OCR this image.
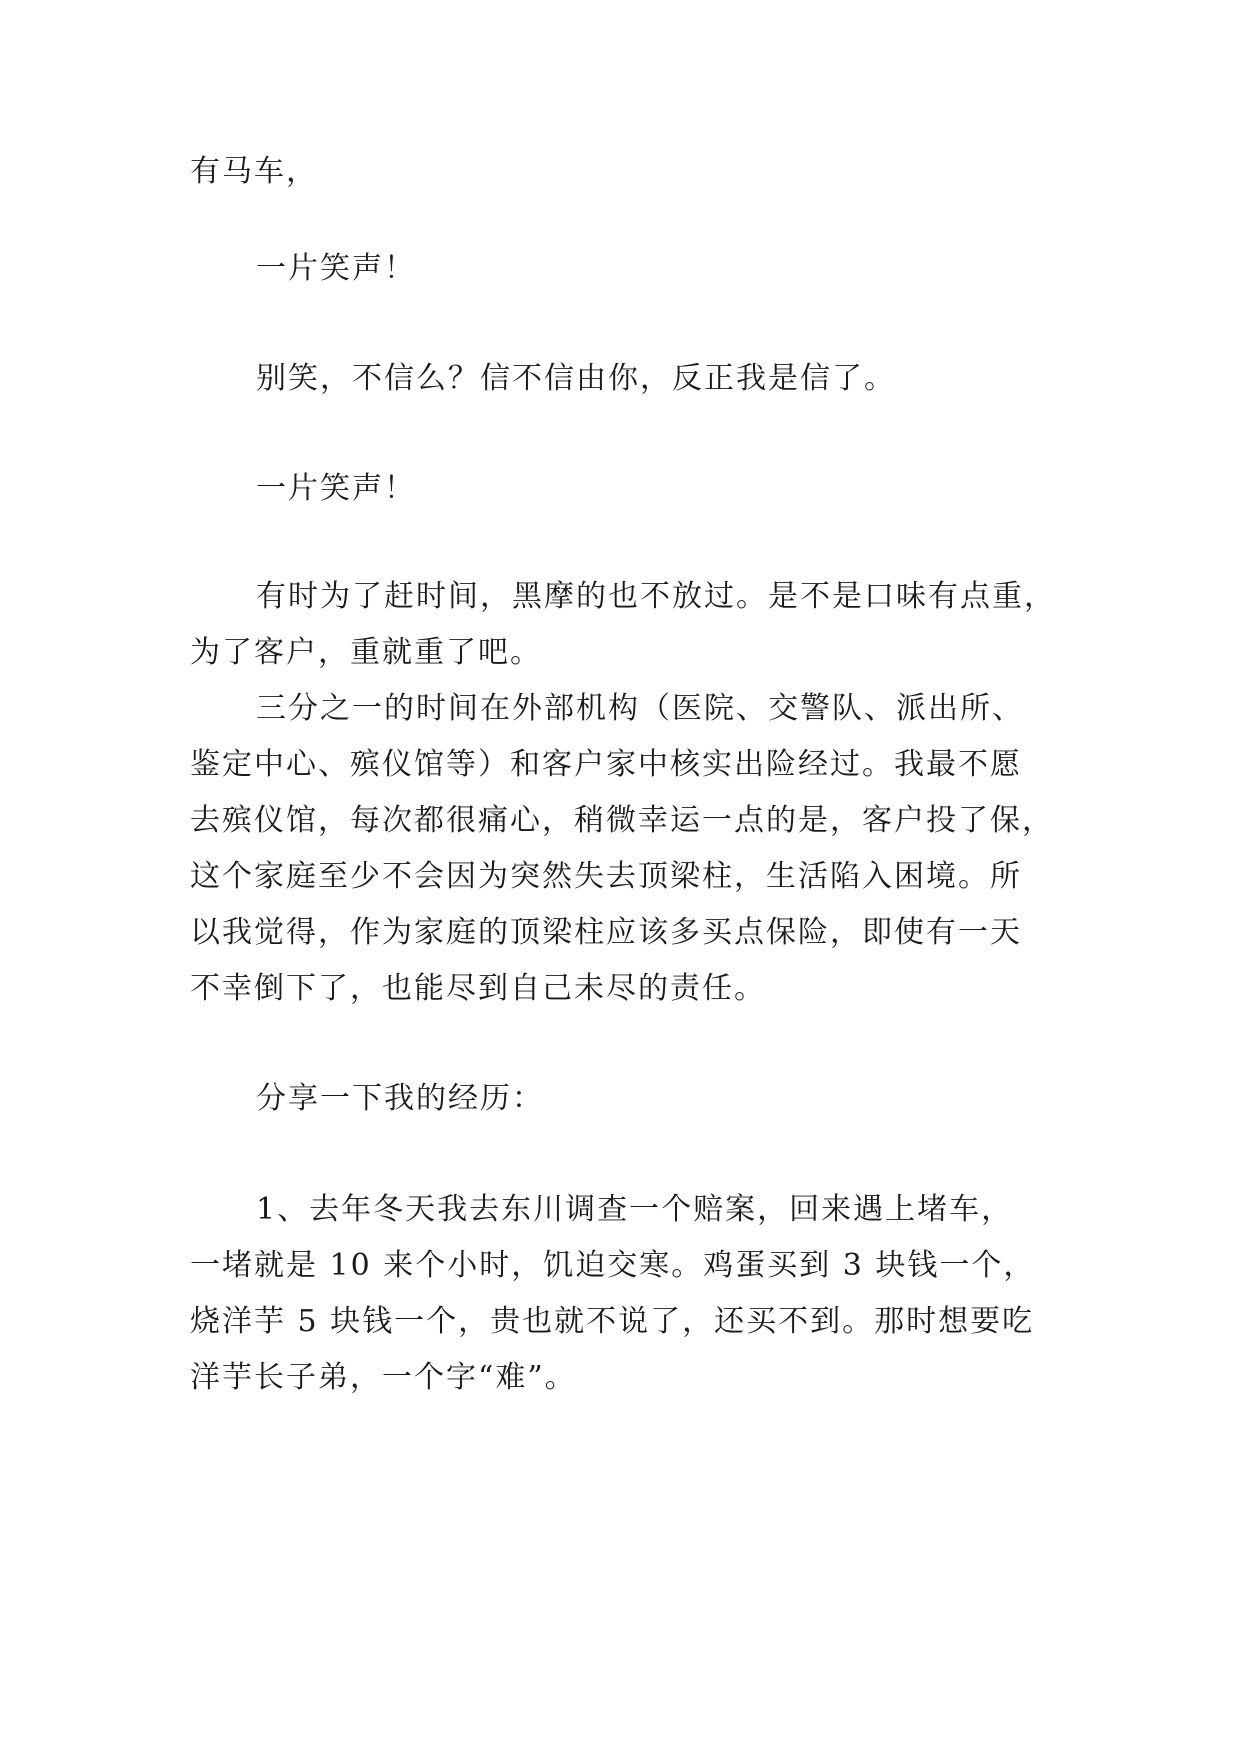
有马车，
一片笑声！
别笑，不信么？信不信由你，反正我是信了。
一片笑声！
有时为了赶时间，黑摩的也不放过。是不是口味有点重，
为了客户，重就重了吧。
三分之一的时间在外部机构（医院、交警队、派出所、
鉴定中心、殡仪馆等）和客户家中核实出险经过。我最不愿
去殡仪馆，每次都很痛心，稍微幸运一点的是，客户投了保，
这个家庭至少不会因为突然失去顶梁柱，生活陷入困境。所
以我觉得，作为家庭的顶梁柱应该多买点保险，即使有一天
不幸倒下了，也能尽到自己未尽的责任。
分享一下我的经历：
1、去年冬天我去东川调查一个赔案，回来遇上堵车，
一堵就是 10 来个小时，饥迫交寒。鸡蛋买到 3 块钱一个，
烧洋芋 5 块钱一个，贵也就不说了，还买不到。那时想要吃
洋芋长子弟，一个字“难”。
